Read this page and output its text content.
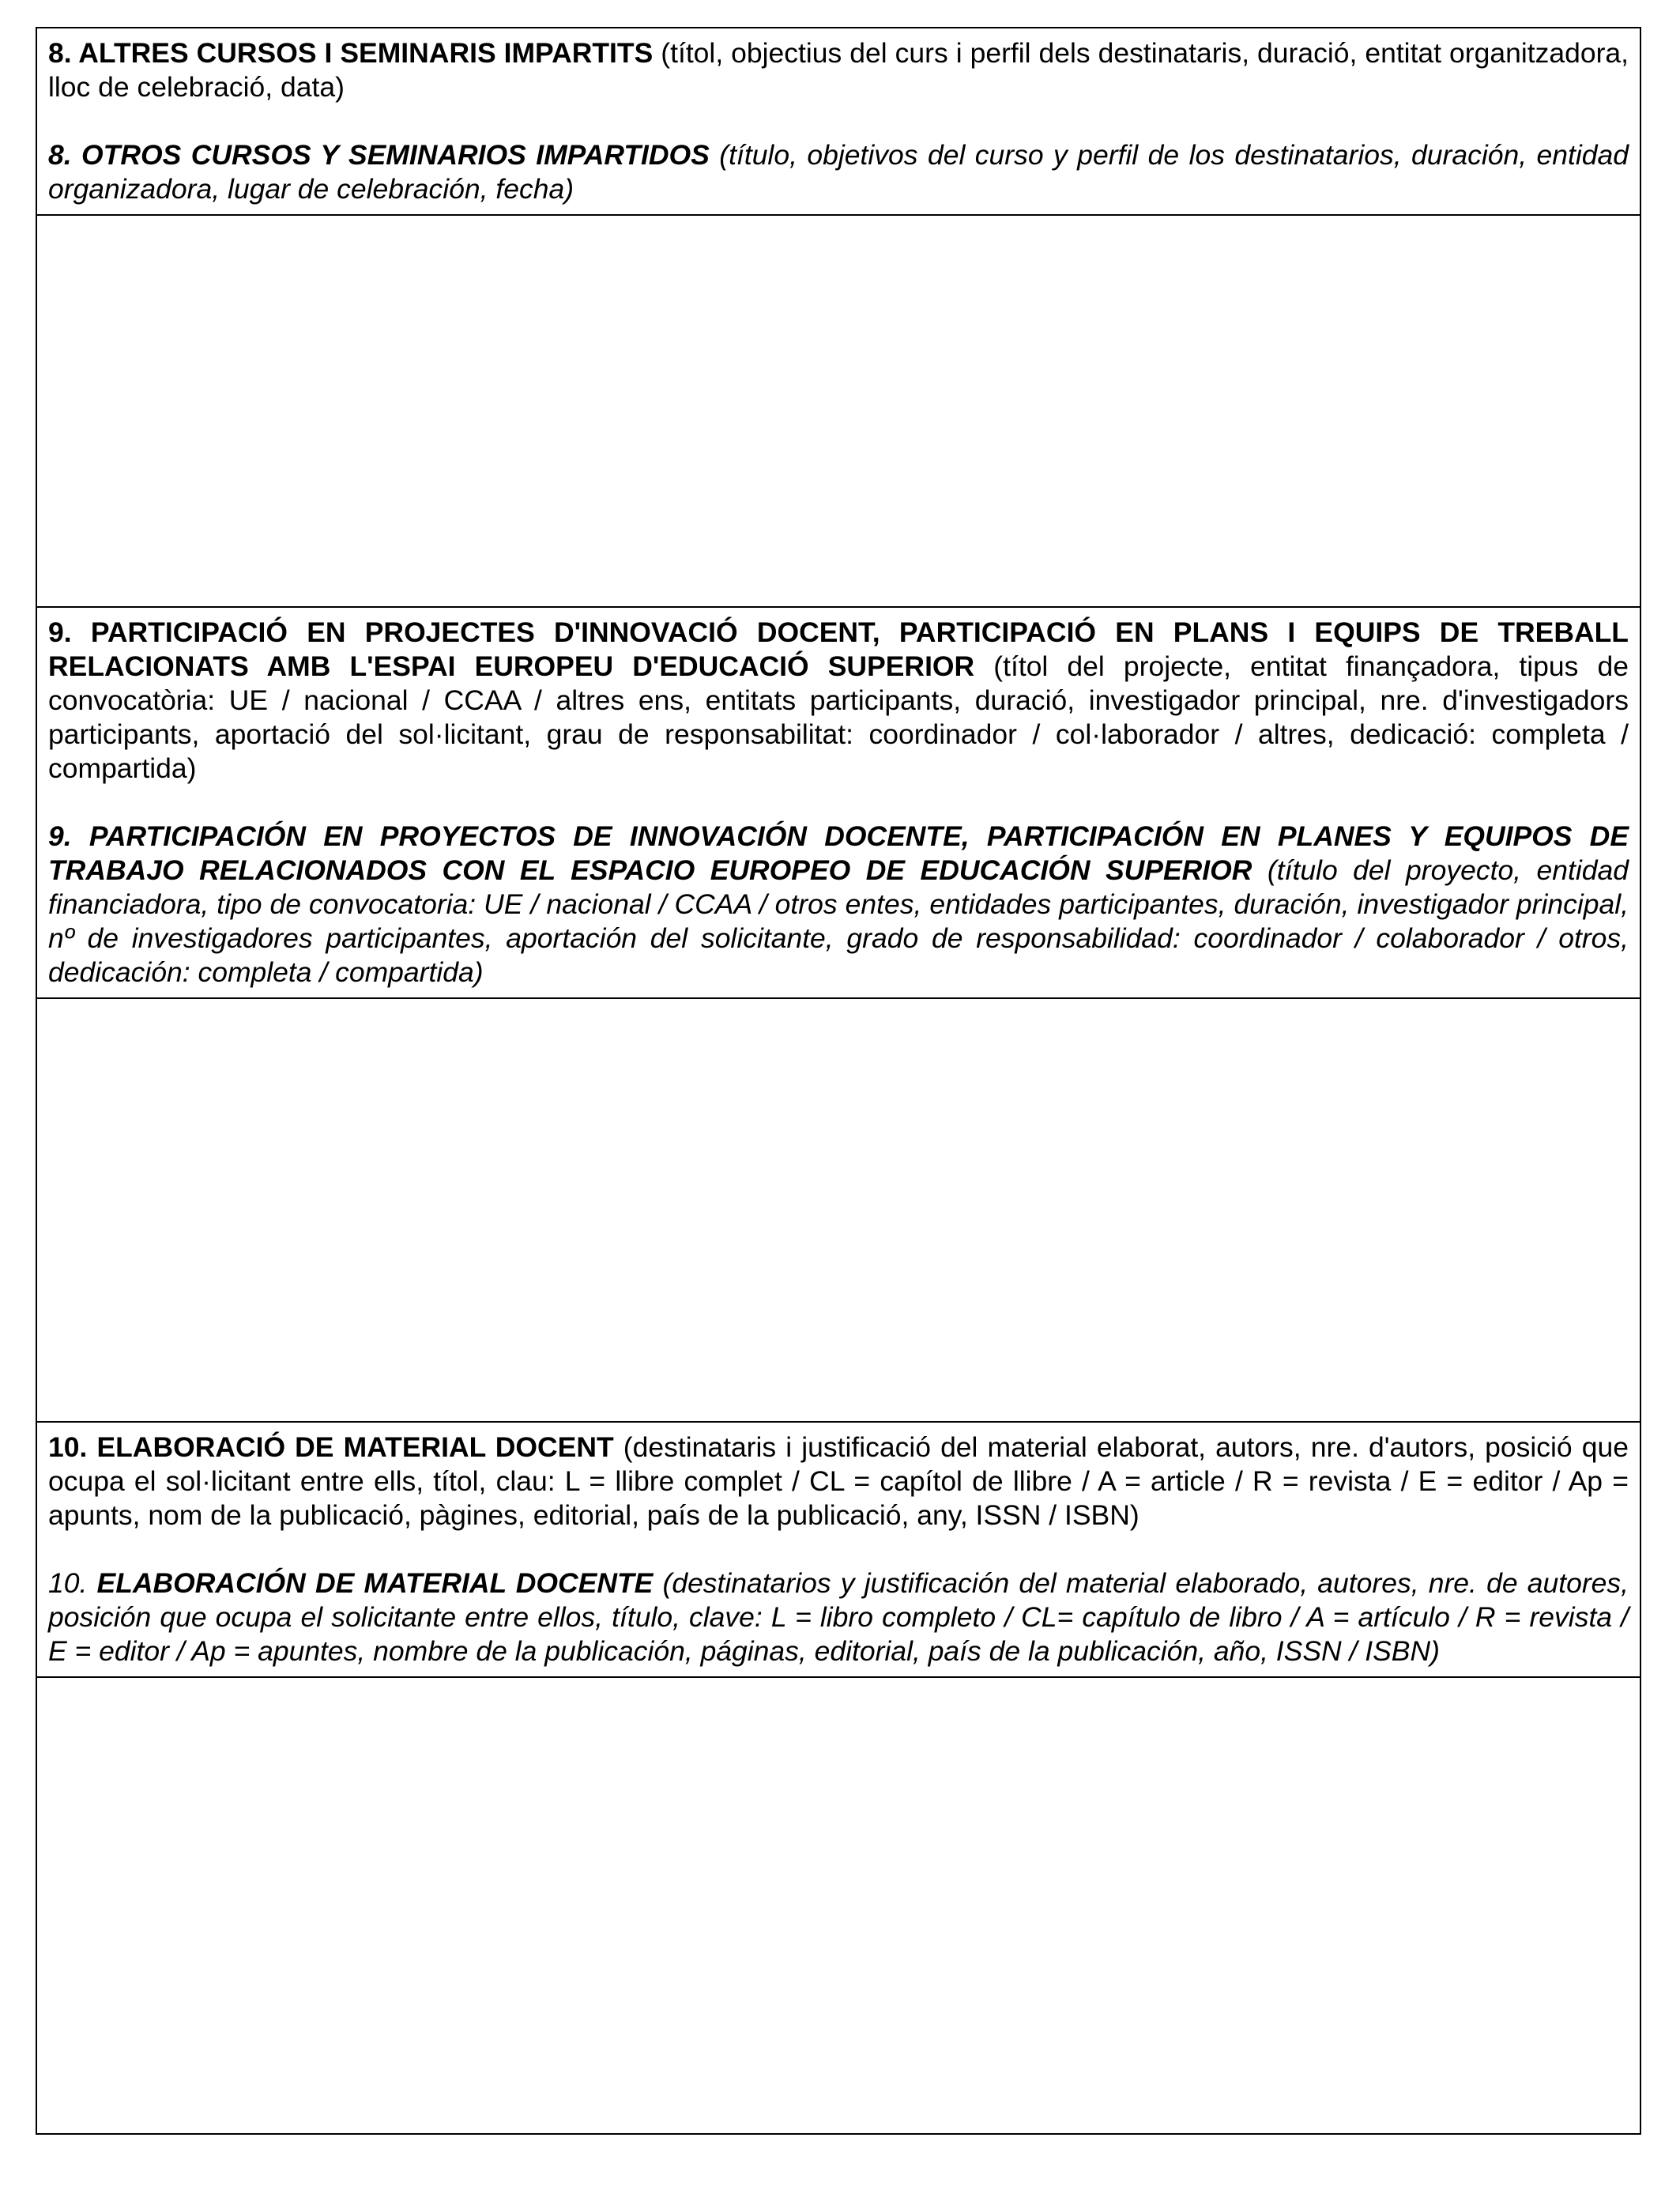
8. ALTRES CURSOS I SEMINARIS IMPARTITS (títol, objectius del curs i perfil dels destinataris, duració, entitat organitzadora, lloc de celebració, data)

8. OTROS CURSOS Y SEMINARIOS IMPARTIDOS (título, objetivos del curso y perfil de los destinatarios, duración, entidad organizadora, lugar de celebración, fecha)

9. PARTICIPACIÓ EN PROJECTES D'INNOVACIÓ DOCENT, PARTICIPACIÓ EN PLANS I EQUIPS DE TREBALL RELACIONATS AMB L'ESPAI EUROPEU D'EDUCACIÓ SUPERIOR (títol del projecte, entitat finançadora, tipus de convocatòria: UE / nacional / CCAA / altres ens, entitats participants, duració, investigador principal, nre. d'investigadors participants, aportació del sol·licitant, grau de responsabilitat: coordinador / col·laborador / altres, dedicació: completa / compartida)

9. PARTICIPACIÓN EN PROYECTOS DE INNOVACIÓN DOCENTE, PARTICIPACIÓN EN PLANES Y EQUIPOS DE TRABAJO RELACIONADOS CON EL ESPACIO EUROPEO DE EDUCACIÓN SUPERIOR (título del proyecto, entidad financiadora, tipo de convocatoria: UE / nacional / CCAA / otros entes, entidades participantes, duración, investigador principal, nº de investigadores participantes, aportación del solicitante, grado de responsabilidad: coordinador / colaborador / otros, dedicación: completa / compartida)

10. ELABORACIÓ DE MATERIAL DOCENT (destinataris i justificació del material elaborat, autors, nre. d'autors, posició que ocupa el sol·licitant entre ells, títol, clau: L = llibre complet / CL = capítol de llibre / A = article / R = revista / E = editor / Ap = apunts, nom de la publicació, pàgines, editorial, país de la publicació, any, ISSN / ISBN)

10. ELABORACIÓN DE MATERIAL DOCENTE (destinatarios y justificación del material elaborado, autores, nre. de autores, posición que ocupa el solicitante entre ellos, título, clave: L = libro completo / CL= capítulo de libro / A = artículo / R = revista / E = editor / Ap = apuntes, nombre de la publicación, páginas, editorial, país de la publicación, año, ISSN / ISBN)
